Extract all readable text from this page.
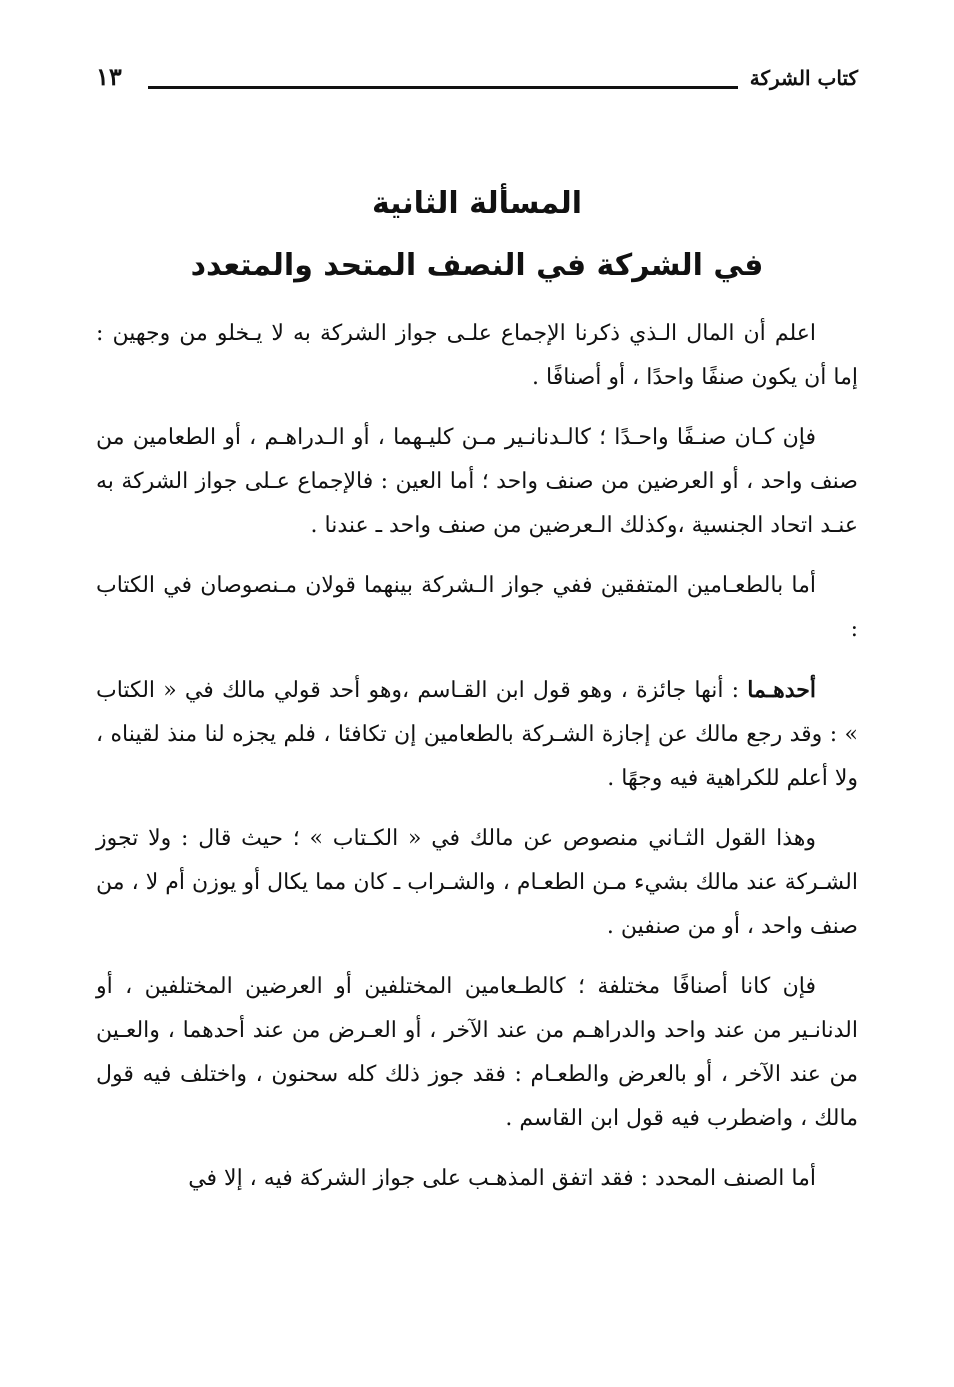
كتاب الشركة
١٣
المسألة الثانية
في الشركة في النصف المتحد والمتعدد

اعلم أن المال الـذي ذكرنا الإجماع علـى جواز الشركة به لا يـخلو من وجهين : إما أن يكون صنفًا واحدًا ، أو أصنافًا .

فإن كـان صنـفًا واحـدًا ؛ كالـدنانـير مـن كليـهما ، أو الـدراهـم ، أو الطعامين من صنف واحد ، أو العرضين من صنف واحد ؛ أما العين : فالإجماع عـلى جواز الشركة به عنـد اتحاد الجنسية ،وكذلك الـعرضين من صنف واحد ـ عندنا .

أما بالطعـامين المتفقين ففي جواز الـشركة بينهما قولان مـنصوصان في الكتاب :

أحدهـما : أنها جائزة ، وهو قول ابن القـاسم ،وهو أحد قولي مالك في « الكتاب » : وقد رجع مالك عن إجازة الشـركة بالطعامين إن تكافئا ، فلم يجزه لنا منذ لقيناه ، ولا أعلم للكراهية فيه وجهًا .

وهذا القول الثـاني منصوص عن مالك في « الكـتاب » ؛ حيث قال : ولا تجوز الشـركة عند مالك بشيء مـن الطعـام ، والشـراب ـ كان مما يكال أو يوزن أم لا ، من صنف واحد ، أو من صنفين .

فإن كانا أصنافًا مختلفة ؛ كالطـعامين المختلفين أو العرضين المختلفين ، أو الدنانـير من عند واحد والدراهـم من عند الآخر ، أو العـرض من عند أحدهما ، والعـين من عند الآخر ، أو بالعرض والطعـام : فقد جوز ذلك كله سحنون ، واختلف فيه قول مالك ، واضطرب فيه قول ابن القاسم .

أما الصنف المحدد : فقد اتفق المذهـب على جواز الشركة فيه ، إلا في
